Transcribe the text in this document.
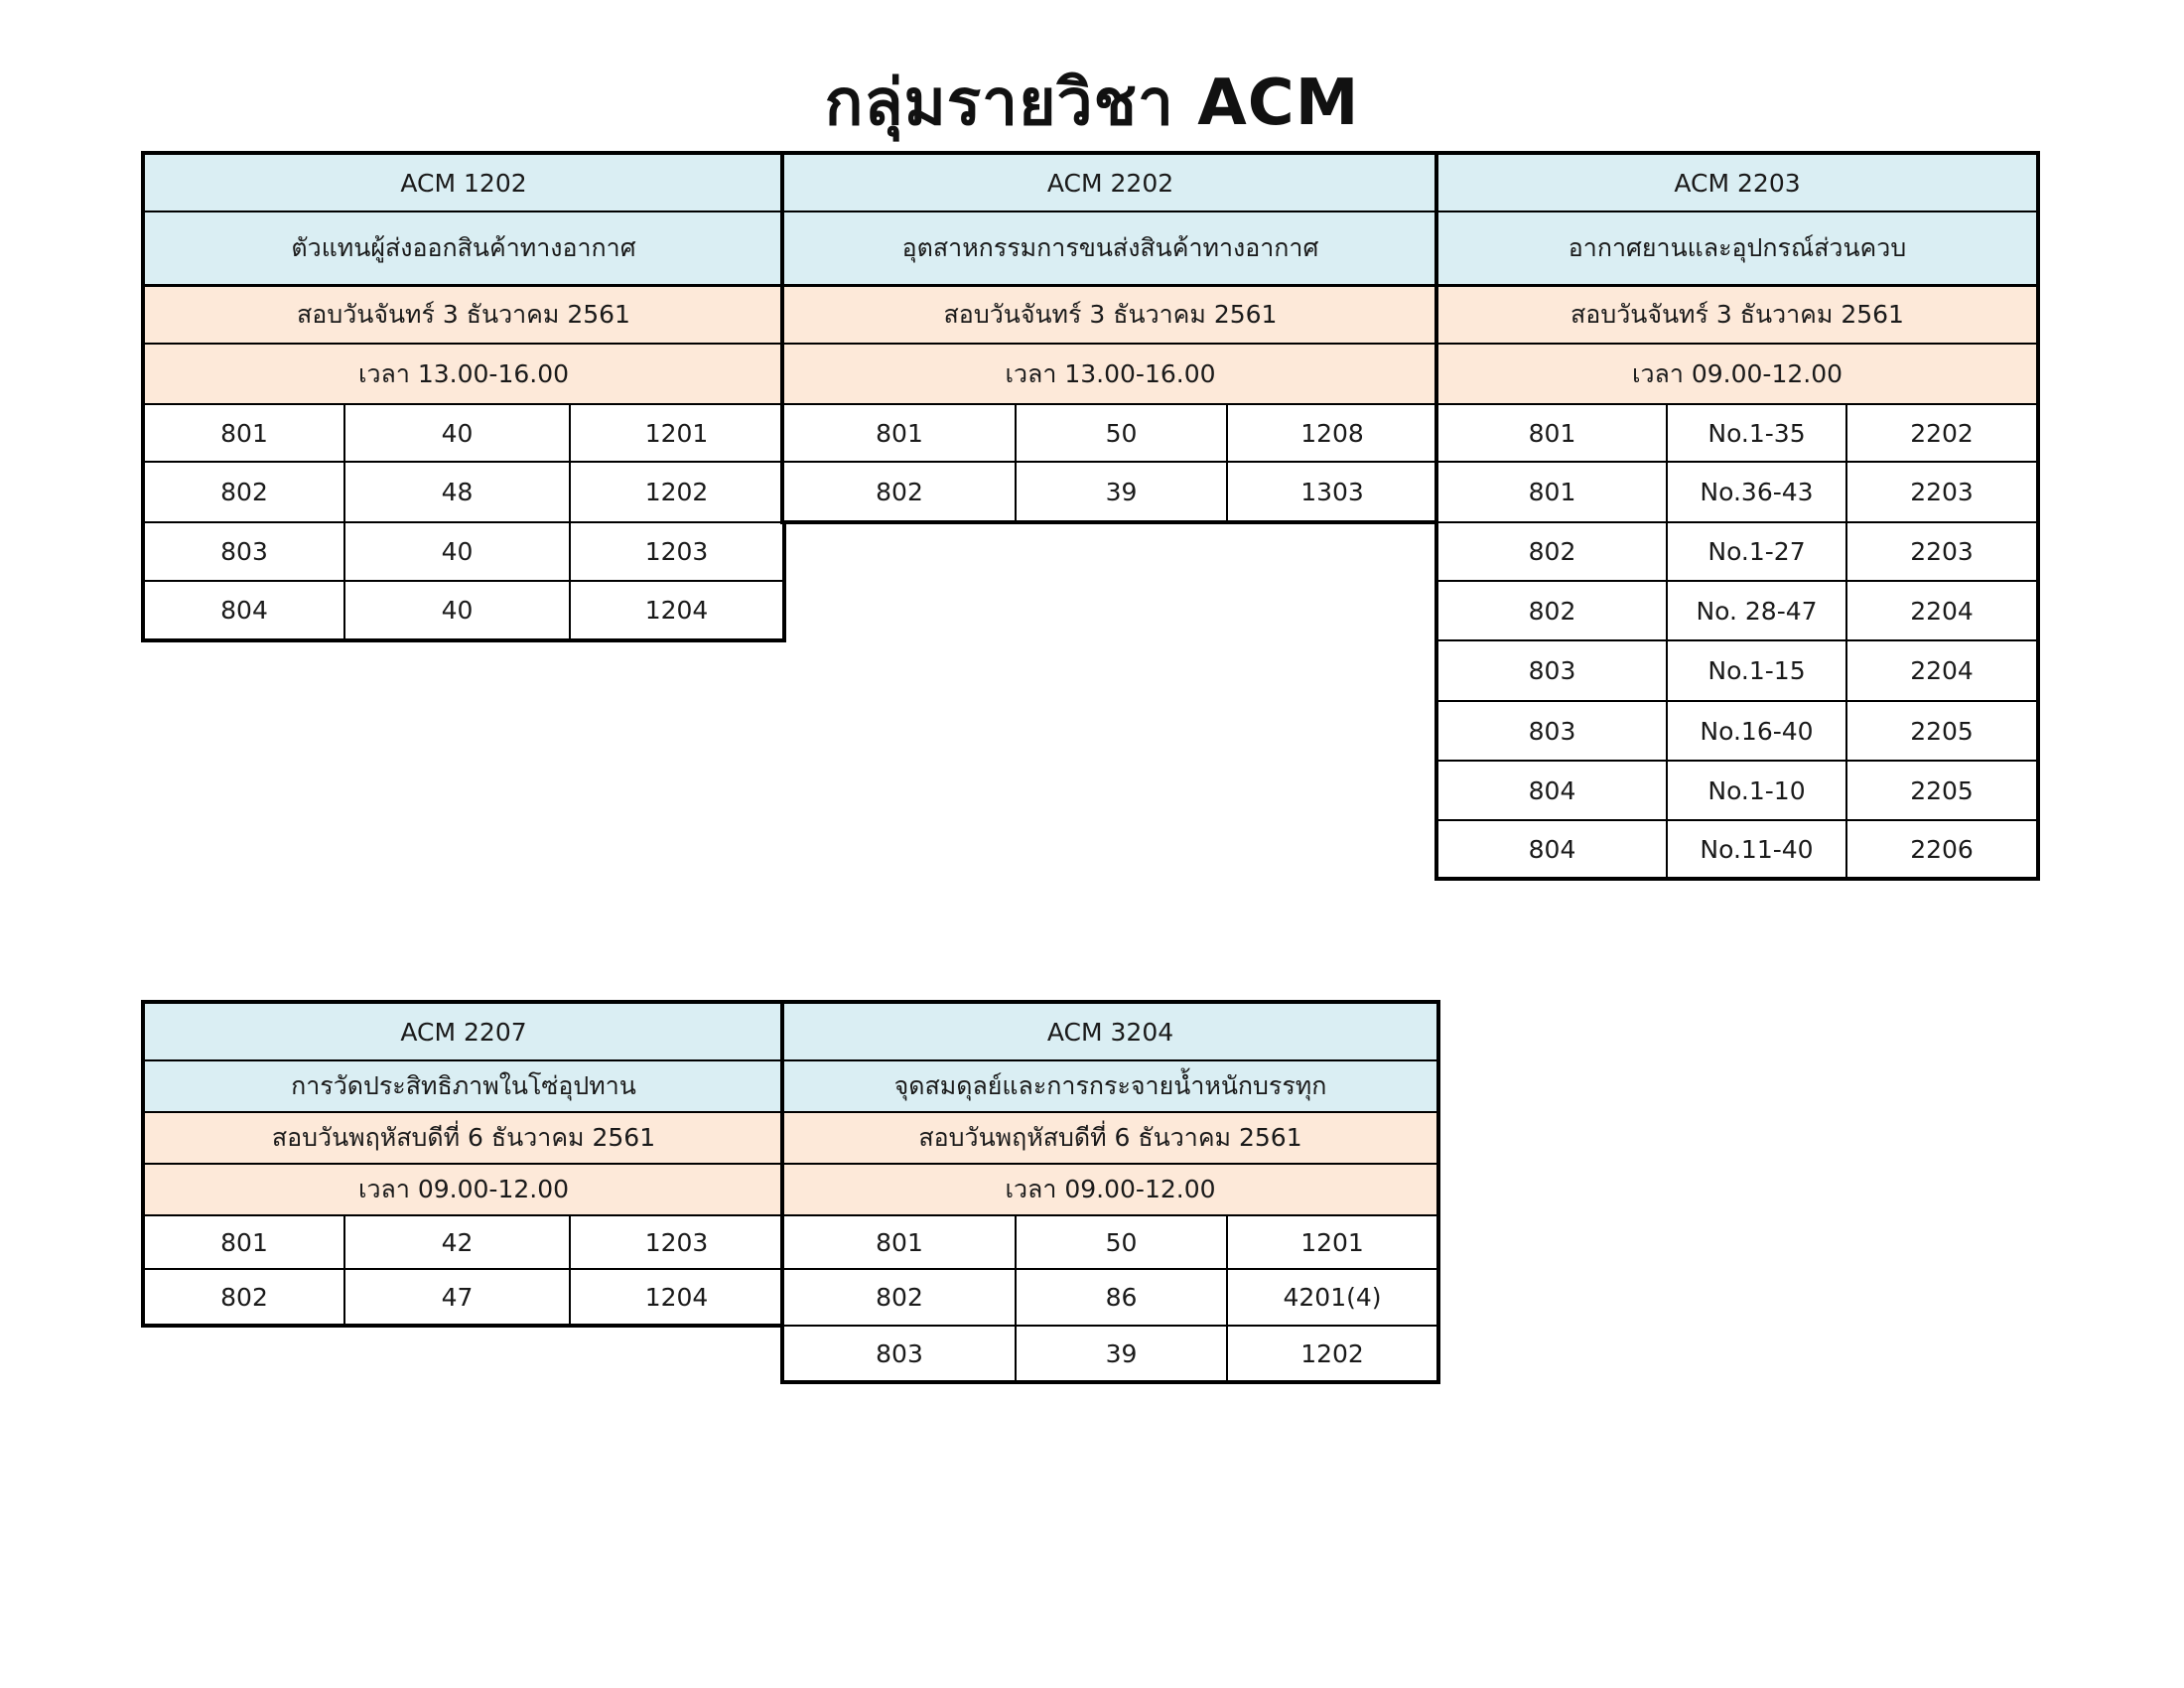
กลุ่มรายวิชา ACM
ACM 1202		
ตัวแทนผู้ส่งออกสินค้าทางอากาศ		
สอบวันจันทร์ 3 ธันวาคม 2561		
เวลา 13.00-16.00		
801	40	1201
802	48	1202
803	40	1203
804	40	1204
ACM 2202		
อุตสาหกรรมการขนส่งสินค้าทางอากาศ		
สอบวันจันทร์ 3 ธันวาคม 2561		
เวลา 13.00-16.00		
801	50	1208
802	39	1303
ACM 2203		
อากาศยานและอุปกรณ์ส่วนควบ		
สอบวันจันทร์ 3 ธันวาคม 2561		
เวลา 09.00-12.00		
801	No.1-35	2202
801	No.36-43	2203
802	No.1-27	2203
802	No. 28-47	2204
803	No.1-15	2204
803	No.16-40	2205
804	No.1-10	2205
804	No.11-40	2206
ACM 2207		
การวัดประสิทธิภาพในโซ่อุปทาน		
สอบวันพฤหัสบดีที่ 6 ธันวาคม 2561		
เวลา 09.00-12.00		
801	42	1203
802	47	1204
ACM 3204		
จุดสมดุลย์และการกระจายน้ำหนักบรรทุก		
สอบวันพฤหัสบดีที่ 6 ธันวาคม 2561		
เวลา 09.00-12.00		
801	50	1201
802	86	4201(4)
803	39	1202
